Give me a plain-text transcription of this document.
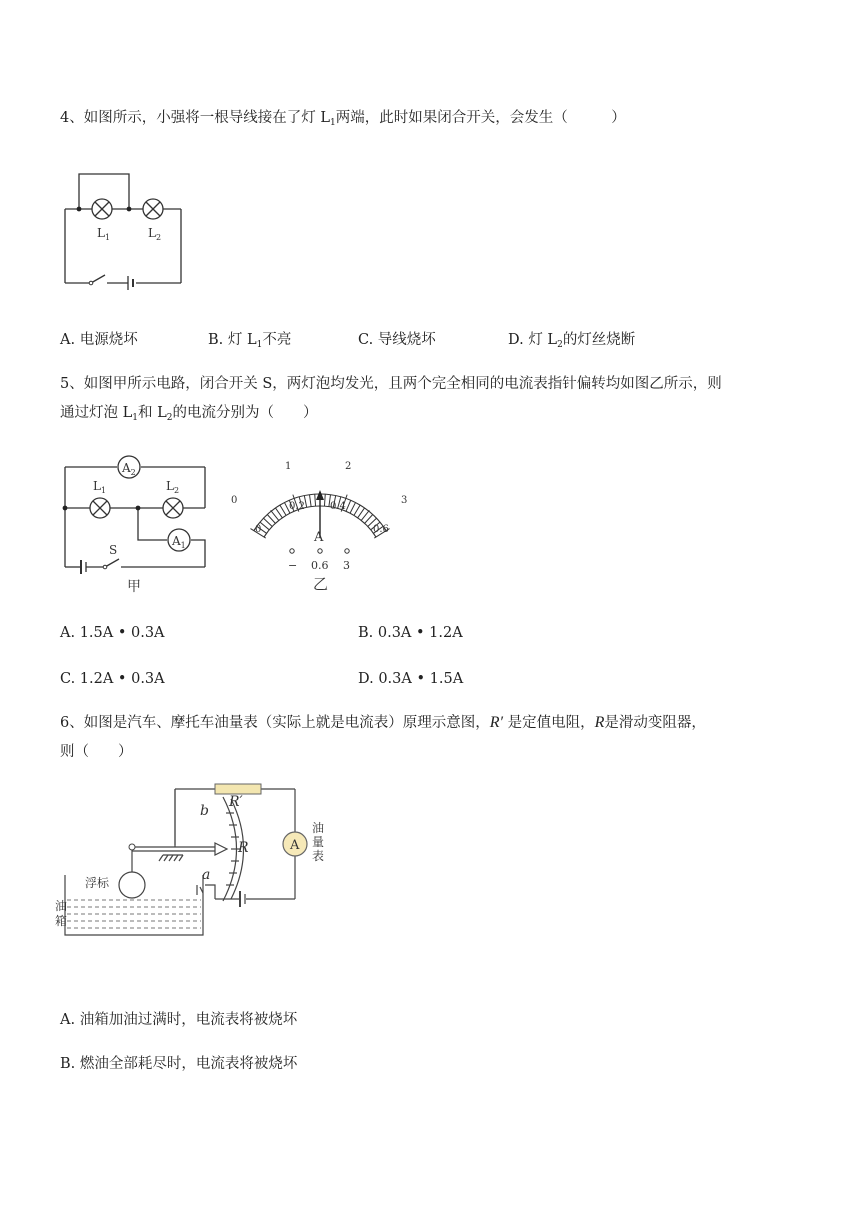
4、如图所示，小强将一根导线接在了灯 $L_1$两端，此时如果闭合开关，会发生（　　　）
$L_1$	$L_2$
A. 电源烧坏	B. 灯 $L_1$不亮	C. 导线烧坏	D. 灯 $L_2$的灯丝烧断
5、如图甲所示电路，闭合开关 S，两灯泡均发光，且两个完全相同的电流表指针偏转均如图乙所示，则
通过灯泡 $L_1$和 $L_2$的电流分别为（　　）
$A_2$
$A_1$
$L_1$	$L_2$
S
甲
0
1	2
3
0
0.2	0.4
0.6
A
− 0.6 3
乙
A. 1.5A • 0.3A	B. 0.3A • 1.2A
C. 1.2A • 0.3A	D. 0.3A • 1.5A
6、如图是汽车、摩托车油量表（实际上就是电流表）原理示意图，R′ 是定值电阻，R是滑动变阻器，
则（　　）
A
b
a
R′
R
油
量
表
浮标
油
箱
A. 油箱加油过满时，电流表将被烧坏
B. 燃油全部耗尽时，电流表将被烧坏
